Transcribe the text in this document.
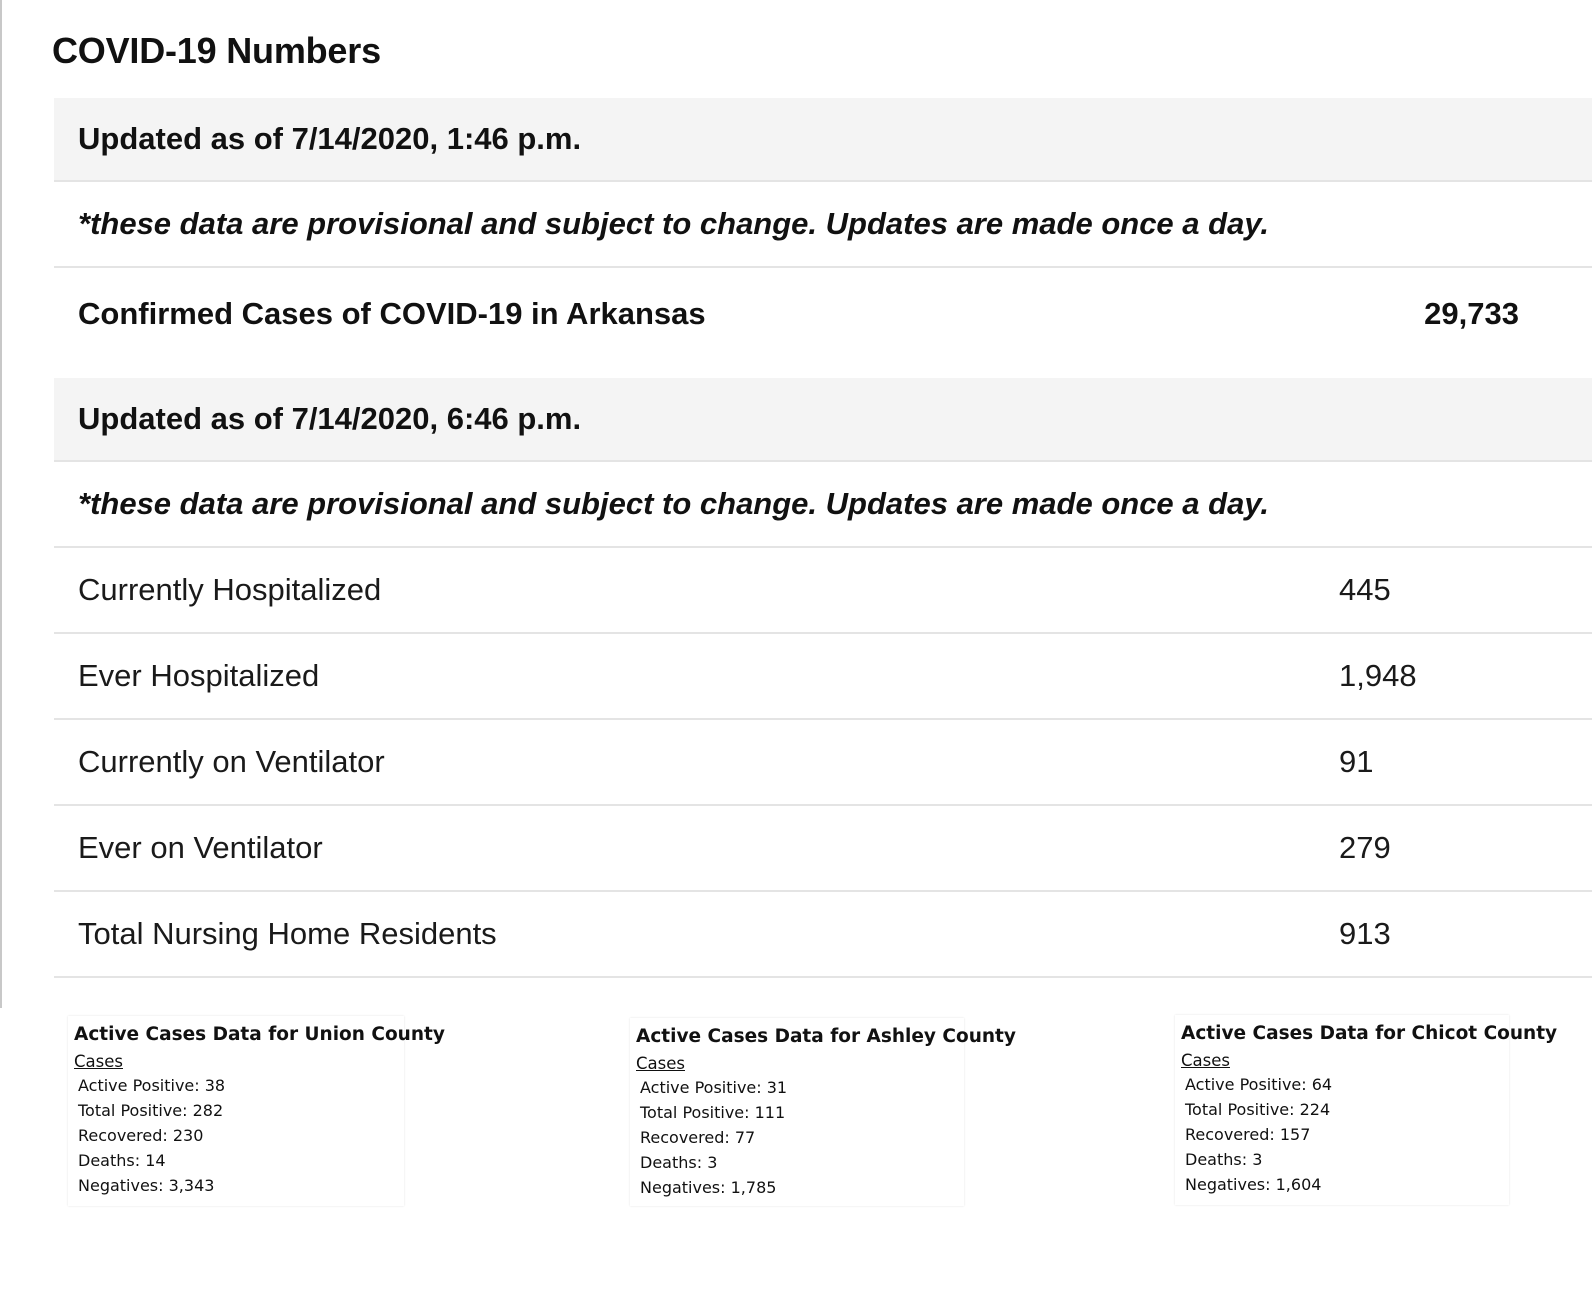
COVID-19 Numbers
Updated as of 7/14/2020, 1:46 p.m.
*these data are provisional and subject to change. Updates are made once a day.
Confirmed Cases of COVID-19 in Arkansas	29,733
Updated as of 7/14/2020, 6:46 p.m.
*these data are provisional and subject to change. Updates are made once a day.
Currently Hospitalized	445
Ever Hospitalized	1,948
Currently on Ventilator	91
Ever on Ventilator	279
Total Nursing Home Residents	913
Active Cases Data for Union County
Cases
Active Positive: 38
Total Positive: 282
Recovered: 230
Deaths: 14
Negatives: 3,343
Active Cases Data for Ashley County
Cases
Active Positive: 31
Total Positive: 111
Recovered: 77
Deaths: 3
Negatives: 1,785
Active Cases Data for Chicot County
Cases
Active Positive: 64
Total Positive: 224
Recovered: 157
Deaths: 3
Negatives: 1,604
